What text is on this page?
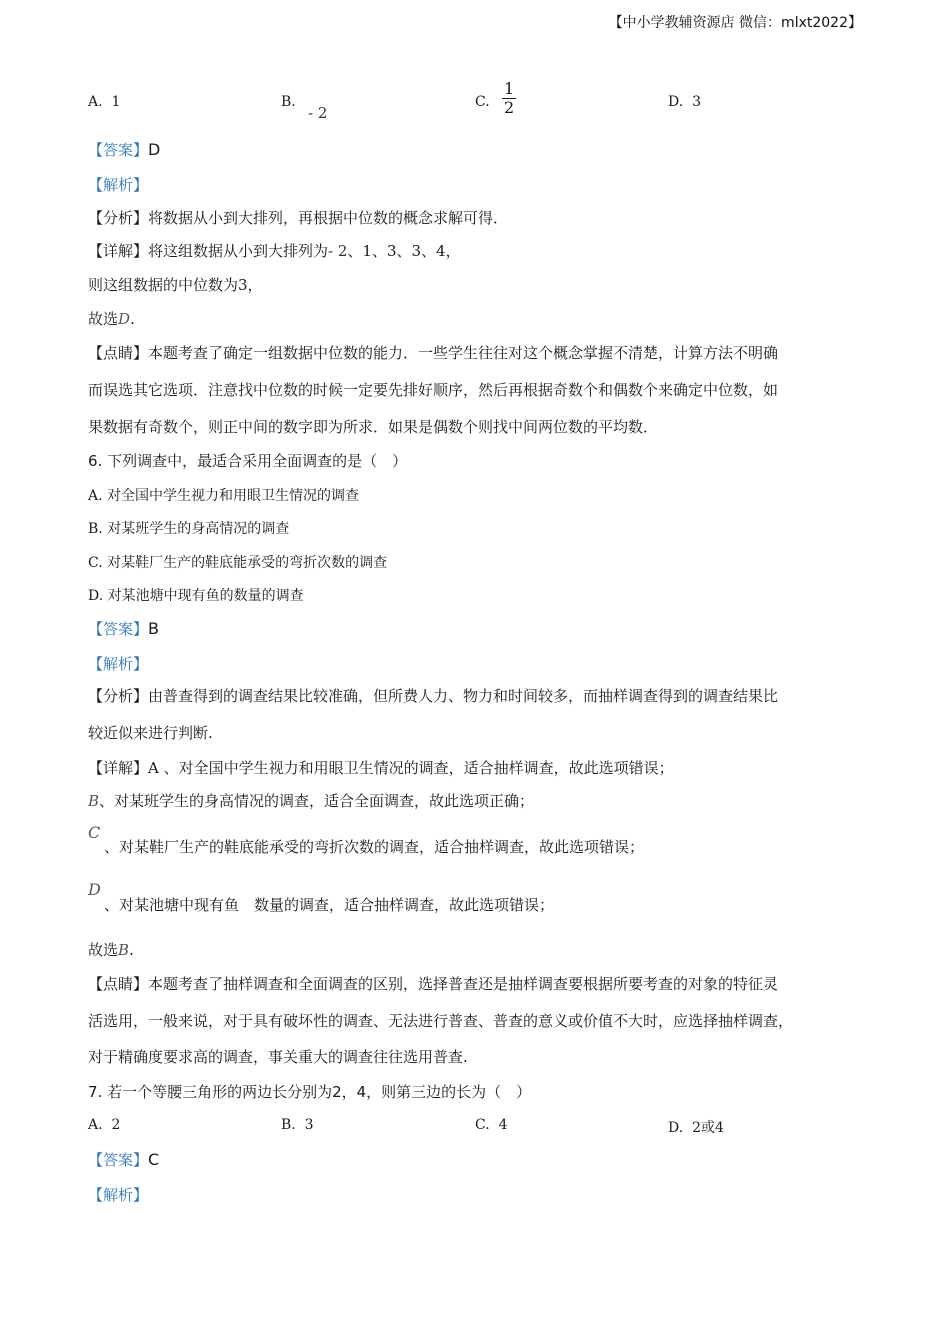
【中小学教辅资源店 微信：mlxt2022】
A. 1	B.
- 2
C. $\frac{1}{2}$	D. 3
【答案】D
【解析】
【分析】将数据从小到大排列，再根据中位数的概念求解可得．
【详解】将这组数据从小到大排列为- 2、1、3、3、4，
则这组数据的中位数为3，
故选D.
【点睛】本题考查了确定一组数据中位数的能力．一些学生往往对这个概念掌握不清楚，计算方法不明确
而误选其它选项．注意找中位数的时候一定要先排好顺序，然后再根据奇数个和偶数个来确定中位数，如
果数据有奇数个，则正中间的数字即为所求．如果是偶数个则找中间两位数的平均数．
6. 下列调查中，最适合采用全面调查的是（　）
A. 对全国中学生视力和用眼卫生情况的调查
B. 对某班学生的身高情况的调查
C. 对某鞋厂生产的鞋底能承受的弯折次数的调查
D. 对某池塘中现有鱼的数量的调查
【答案】B
【解析】
【分析】由普查得到的调查结果比较准确，但所费人力、物力和时间较多，而抽样调查得到的调查结果比
较近似来进行判断.
【详解】A 、对全国中学生视力和用眼卫生情况的调查，适合抽样调查，故此选项错误；
B、对某班学生的身高情况的调查，适合全面调查，故此选项正确；
C
、对某鞋厂生产的鞋底能承受的弯折次数的调查，适合抽样调查，故此选项错误；
D
、对某池塘中现有鱼　数量的调查，适合抽样调查，故此选项错误；
故选B.
【点睛】本题考查了抽样调查和全面调查的区别，选择普查还是抽样调查要根据所要考查的对象的特征灵
活选用，一般来说，对于具有破坏性的调查、无法进行普查、普查的意义或价值不大时，应选择抽样调查，
对于精确度要求高的调查，事关重大的调查往往选用普查.
7. 若一个等腰三角形的两边长分别为2，4，则第三边的长为（　）
A. 2	B. 3	C. 4	D. 2或4
【答案】C
【解析】
